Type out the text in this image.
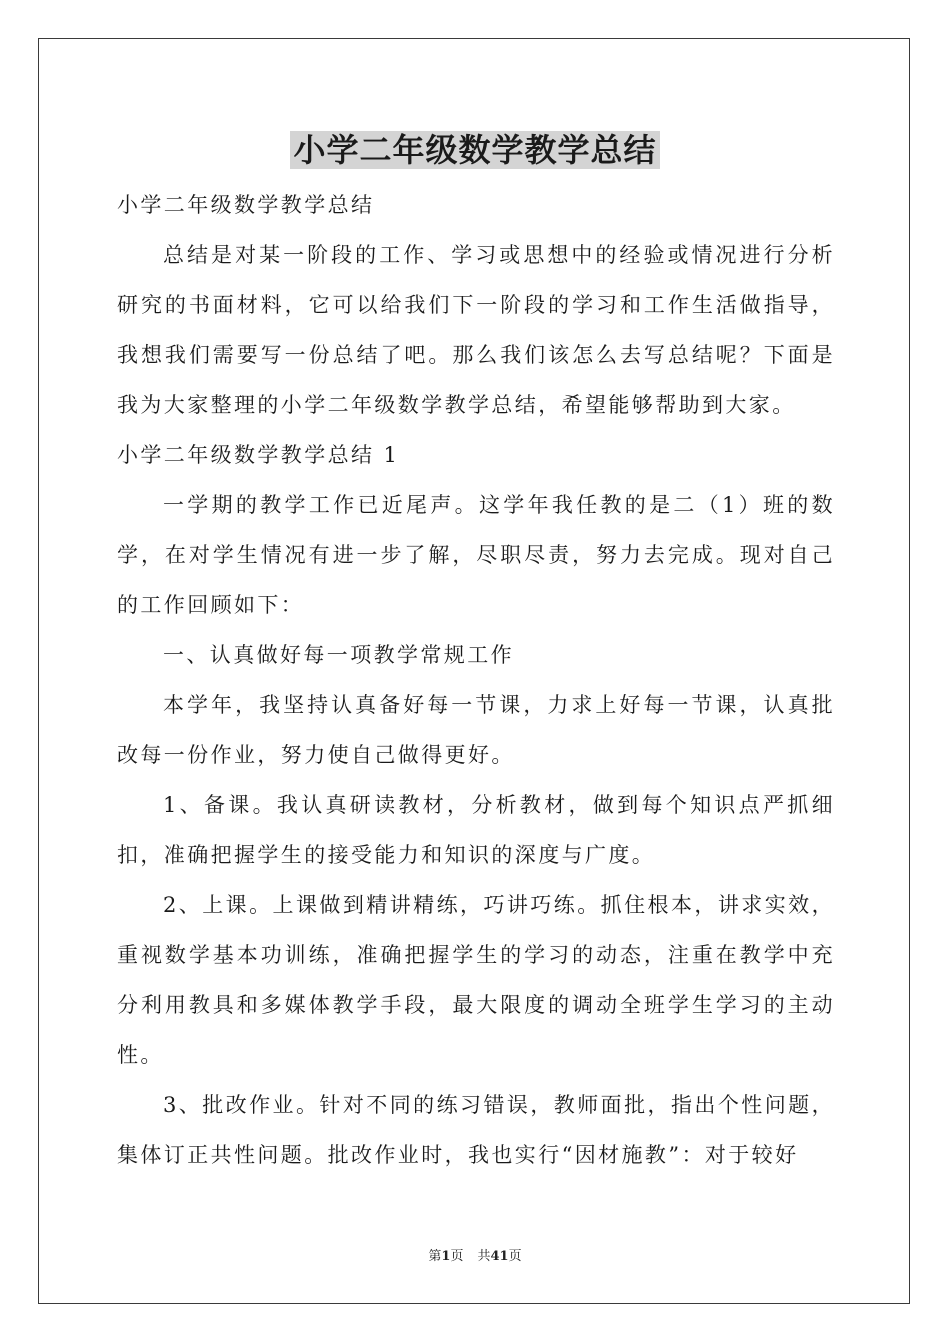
小学二年级数学教学总结

小学二年级数学教学总结

总结是对某一阶段的工作、学习或思想中的经验或情况进行分析研究的书面材料，它可以给我们下一阶段的学习和工作生活做指导，我想我们需要写一份总结了吧。那么我们该怎么去写总结呢？下面是我为大家整理的小学二年级数学教学总结，希望能够帮助到大家。

小学二年级数学教学总结 1

一学期的教学工作已近尾声。这学年我任教的是二（1）班的数学，在对学生情况有进一步了解，尽职尽责，努力去完成。现对自己的工作回顾如下：

一、认真做好每一项教学常规工作

本学年，我坚持认真备好每一节课，力求上好每一节课，认真批改每一份作业，努力使自己做得更好。

1、备课。我认真研读教材，分析教材，做到每个知识点严抓细扣，准确把握学生的接受能力和知识的深度与广度。

2、上课。上课做到精讲精练，巧讲巧练。抓住根本，讲求实效，重视数学基本功训练，准确把握学生的学习的动态，注重在教学中充分利用教具和多媒体教学手段，最大限度的调动全班学生学习的主动性。

3、批改作业。针对不同的练习错误，教师面批，指出个性问题，集体订正共性问题。批改作业时，我也实行“因材施教”：对于较好

第1页 共41页
